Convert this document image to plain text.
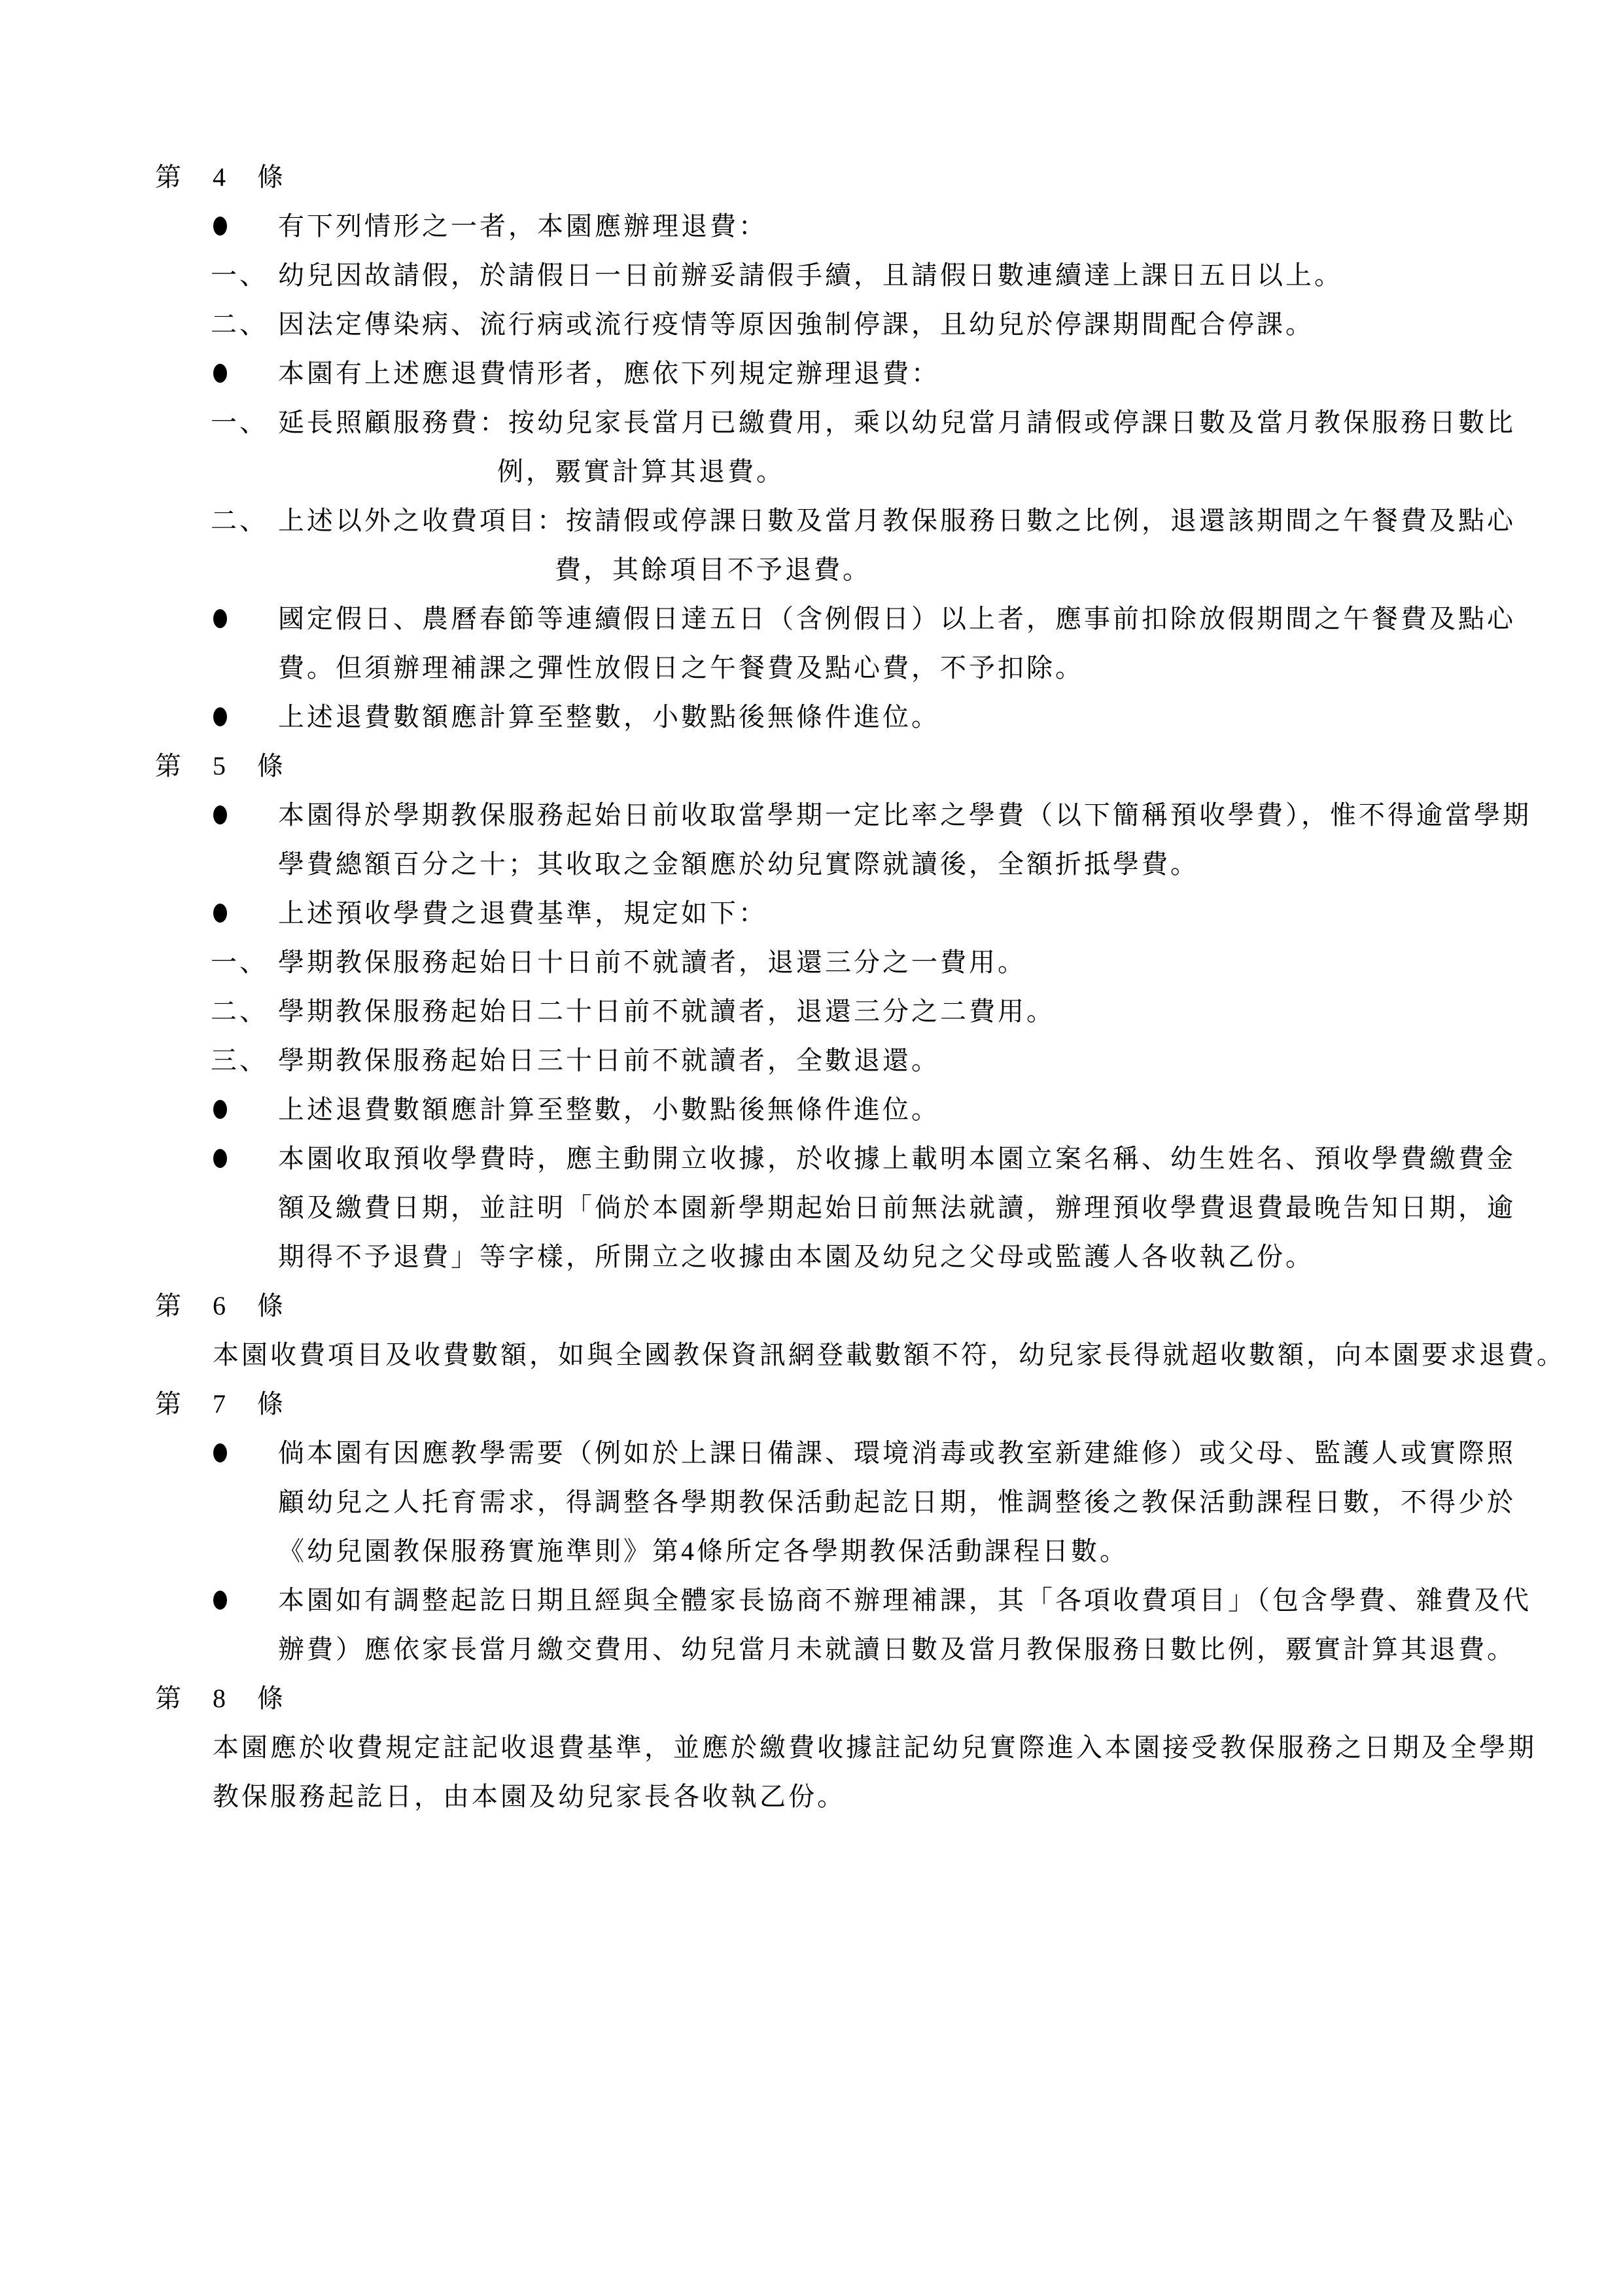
第 4 條
有下列情形之一者，本園應辦理退費：
一、 幼兒因故請假，於請假日一日前辦妥請假手續，且請假日數連續達上課日五日以上。
二、 因法定傳染病、流行病或流行疫情等原因強制停課，且幼兒於停課期間配合停課。
本園有上述應退費情形者，應依下列規定辦理退費：
一、 延長照顧服務費：按幼兒家長當月已繳費用，乘以幼兒當月請假或停課日數及當月教保服務日數比
例，覈實計算其退費。
二、 上述以外之收費項目：按請假或停課日數及當月教保服務日數之比例，退還該期間之午餐費及點心
費，其餘項目不予退費。
國定假日、農曆春節等連續假日達五日（含例假日）以上者，應事前扣除放假期間之午餐費及點心
費。但須辦理補課之彈性放假日之午餐費及點心費，不予扣除。
上述退費數額應計算至整數，小數點後無條件進位。
第 5 條
本園得於學期教保服務起始日前收取當學期一定比率之學費（以下簡稱預收學費），惟不得逾當學期
學費總額百分之十；其收取之金額應於幼兒實際就讀後，全額折抵學費。
上述預收學費之退費基準，規定如下：
一、 學期教保服務起始日十日前不就讀者，退還三分之一費用。
二、 學期教保服務起始日二十日前不就讀者，退還三分之二費用。
三、 學期教保服務起始日三十日前不就讀者，全數退還。
上述退費數額應計算至整數，小數點後無條件進位。
本園收取預收學費時，應主動開立收據，於收據上載明本園立案名稱、幼生姓名、預收學費繳費金
額及繳費日期，並註明「倘於本園新學期起始日前無法就讀，辦理預收學費退費最晚告知日期，逾
期得不予退費」等字樣，所開立之收據由本園及幼兒之父母或監護人各收執乙份。
第 6 條
本園收費項目及收費數額，如與全國教保資訊網登載數額不符，幼兒家長得就超收數額，向本園要求退費。
第 7 條
倘本園有因應教學需要（例如於上課日備課、環境消毒或教室新建維修）或父母、監護人或實際照
顧幼兒之人托育需求，得調整各學期教保活動起訖日期，惟調整後之教保活動課程日數，不得少於
《幼兒園教保服務實施準則》第4條所定各學期教保活動課程日數。
本園如有調整起訖日期且經與全體家長協商不辦理補課，其「各項收費項目」（包含學費、雜費及代
辦費）應依家長當月繳交費用、幼兒當月未就讀日數及當月教保服務日數比例，覈實計算其退費。
第 8 條
本園應於收費規定註記收退費基準，並應於繳費收據註記幼兒實際進入本園接受教保服務之日期及全學期
教保服務起訖日，由本園及幼兒家長各收執乙份。
